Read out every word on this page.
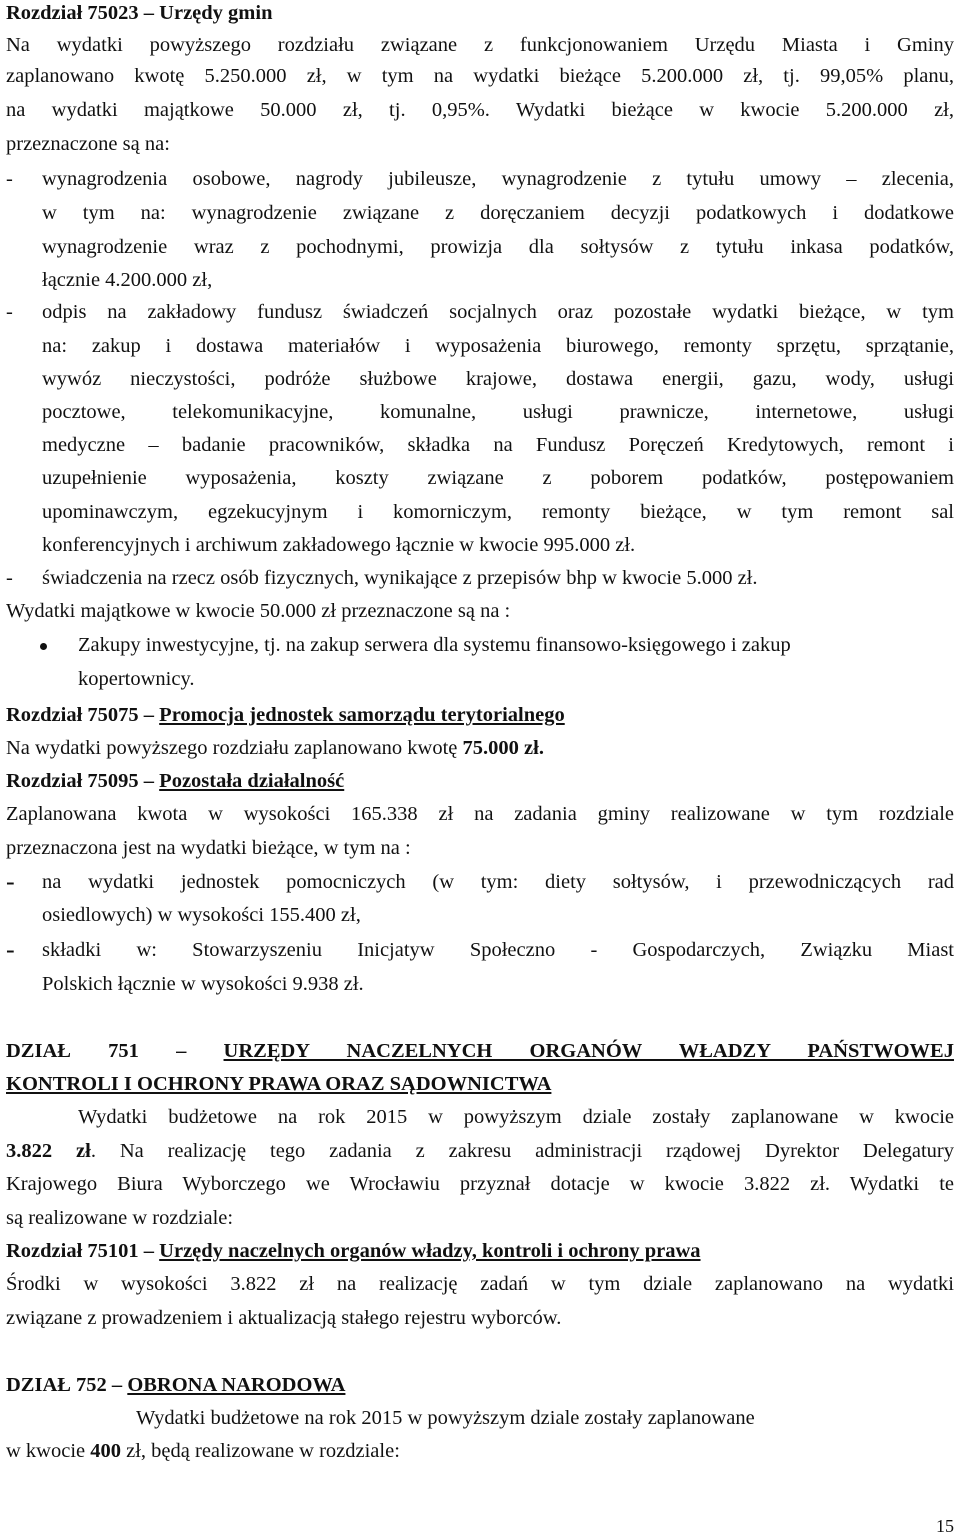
Rozdział 75023 – Urzędy gmin
Na wydatki powyższego rozdziału związane z funkcjonowaniem Urzędu Miasta i Gminy
zaplanowano kwotę 5.250.000 zł, w tym na wydatki bieżące 5.200.000 zł, tj. 99,05% planu,
na wydatki majątkowe 50.000 zł, tj. 0,95%. Wydatki bieżące w kwocie 5.200.000 zł,
przeznaczone są na:
- wynagrodzenia osobowe, nagrody jubileusze, wynagrodzenie z tytułu umowy – zlecenia,
w tym na: wynagrodzenie związane z doręczaniem decyzji podatkowych i dodatkowe
wynagrodzenie wraz z pochodnymi, prowizja dla sołtysów z tytułu inkasa podatków,
łącznie 4.200.000 zł,
- odpis na zakładowy fundusz świadczeń socjalnych oraz pozostałe wydatki bieżące, w tym
na: zakup i dostawa materiałów i wyposażenia biurowego, remonty sprzętu, sprzątanie,
wywóz nieczystości, podróże służbowe krajowe, dostawa energii, gazu, wody, usługi
pocztowe, telekomunikacyjne, komunalne, usługi prawnicze, internetowe, usługi
medyczne – badanie pracowników, składka na Fundusz Poręczeń Kredytowych, remont i
uzupełnienie wyposażenia, koszty związane z poborem podatków, postępowaniem
upominawczym, egzekucyjnym i komorniczym, remonty bieżące, w tym remont sal
konferencyjnych i archiwum zakładowego łącznie w kwocie 995.000 zł.
- świadczenia na rzecz osób fizycznych, wynikające z przepisów bhp w kwocie 5.000 zł.
Wydatki majątkowe w kwocie 50.000 zł przeznaczone są na :
Zakupy inwestycyjne, tj. na zakup serwera dla systemu finansowo-księgowego i zakup
kopertownicy.
Rozdział 75075 – Promocja jednostek samorządu terytorialnego
Na wydatki powyższego rozdziału zaplanowano kwotę 75.000 zł.
Rozdział 75095 – Pozostała działalność
Zaplanowana kwota w wysokości 165.338 zł na zadania gminy realizowane w tym rozdziale
przeznaczona jest na wydatki bieżące, w tym na :
- na wydatki jednostek pomocniczych (w tym: diety sołtysów, i przewodniczących rad
osiedlowych) w wysokości 155.400 zł,
- składki w: Stowarzyszeniu Inicjatyw Społeczno - Gospodarczych, Związku Miast
Polskich łącznie w wysokości 9.938 zł.
DZIAŁ 751 – URZĘDY NACZELNYCH ORGANÓW WŁADZY PAŃSTWOWEJ
KONTROLI I OCHRONY PRAWA ORAZ SĄDOWNICTWA
Wydatki budżetowe na rok 2015 w powyższym dziale zostały zaplanowane w kwocie
3.822 zł. Na realizację tego zadania z zakresu administracji rządowej Dyrektor Delegatury
Krajowego Biura Wyborczego we Wrocławiu przyznał dotacje w kwocie 3.822 zł. Wydatki te
są realizowane w rozdziale:
Rozdział 75101 – Urzędy naczelnych organów władzy, kontroli i ochrony prawa
Środki w wysokości 3.822 zł na realizację zadań w tym dziale zaplanowano na wydatki
związane z prowadzeniem i aktualizacją stałego rejestru wyborców.
DZIAŁ 752 – OBRONA NARODOWA
Wydatki budżetowe na rok 2015 w powyższym dziale zostały zaplanowane
w kwocie 400 zł, będą realizowane w rozdziale:
15
